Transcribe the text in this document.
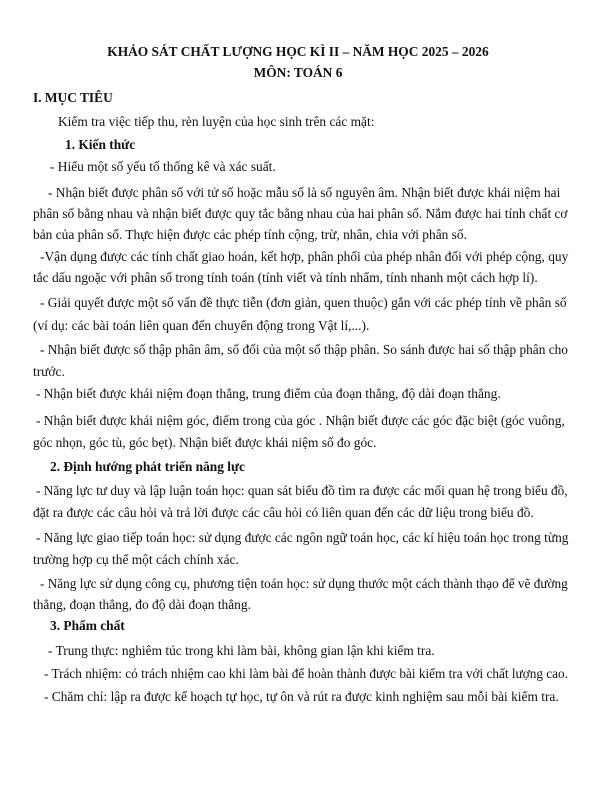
KHẢO SÁT CHẤT LƯỢNG HỌC KÌ II – NĂM HỌC 2025 – 2026
MÔN: TOÁN 6
I. MỤC TIÊU
Kiểm tra việc tiếp thu, rèn luyện của học sinh trên các mặt:
1. Kiến thức
- Hiểu một số yếu tố thống kê và xác suất.
- Nhận biết được phân số với tử số hoặc mẫu số là số nguyên âm. Nhận biết được khái niệm hai
phân số bằng nhau và nhận biết được quy tắc bằng nhau của hai phân số. Nắm được hai tính chất cơ
bản của phân số. Thực hiện được các phép tính cộng, trừ, nhân, chia với phân số.
-Vận dụng được các tính chất giao hoán, kết hợp, phân phối của phép nhân đối với phép cộng, quy
tắc dấu ngoặc với phân số trong tính toán (tính viết và tính nhẩm, tính nhanh một cách hợp lí).
- Giải quyết được một số vấn đề thực tiễn (đơn giản, quen thuộc) gắn với các phép tính về phân số
(ví dụ: các bài toán liên quan đến chuyển động trong Vật lí,...).
- Nhận biết được số thập phân âm, số đối của một số thập phân. So sánh được hai số thập phân cho
trước.
- Nhận biết được khái niệm đoạn thẳng, trung điểm của đoạn thẳng, độ dài đoạn thẳng.
- Nhận biết được khái niệm góc, điểm trong của góc . Nhận biết được các góc đặc biệt (góc vuông,
góc nhọn, góc tù, góc bẹt). Nhận biết được khái niệm số đo góc.
2. Định hướng phát triển năng lực
- Năng lực tư duy và lập luận toán học: quan sát biểu đồ tìm ra được các mối quan hệ trong biểu đồ,
đặt ra được các câu hỏi và trả lời được các câu hỏi có liên quan đến các dữ liệu trong biểu đồ.
- Năng lực giao tiếp toán học: sử dụng được các ngôn ngữ toán học, các kí hiệu toán học trong từng
trường hợp cụ thể một cách chính xác.
- Năng lực sử dụng công cụ, phương tiện toán học: sử dụng thước một cách thành thạo để vẽ đường
thẳng, đoạn thẳng, đo độ dài đoạn thẳng.
3. Phẩm chất
- Trung thực: nghiêm túc trong khi làm bài, không gian lận khi kiểm tra.
- Trách nhiệm: có trách nhiệm cao khi làm bài để hoàn thành được bài kiểm tra với chất lượng cao.
- Chăm chỉ: lập ra được kế hoạch tự học, tự ôn và rút ra được kinh nghiệm sau mỗi bài kiểm tra.
